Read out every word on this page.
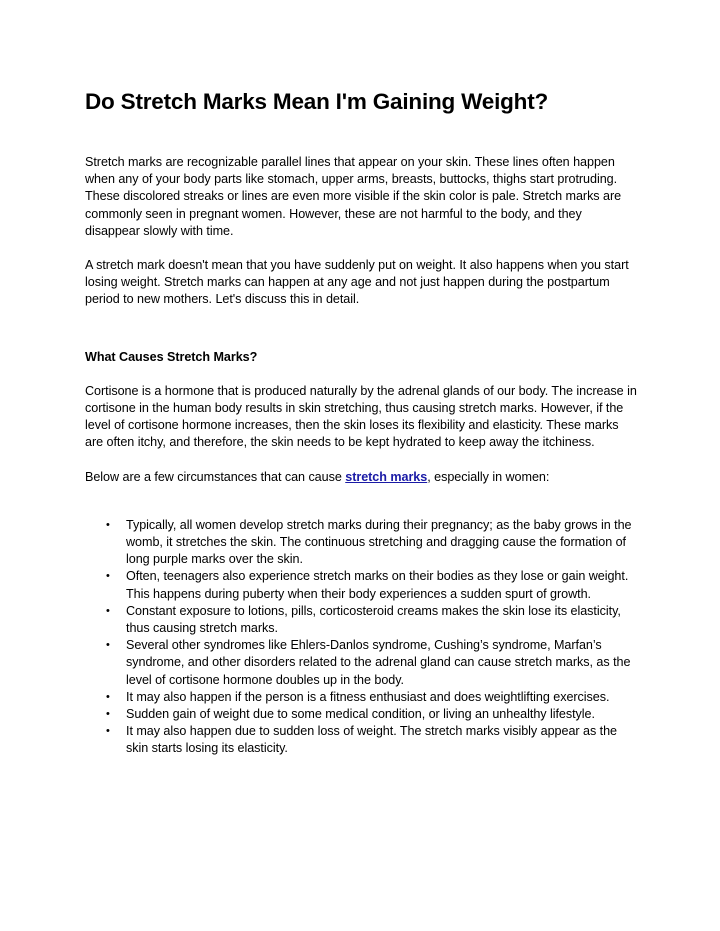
Do Stretch Marks Mean I'm Gaining Weight?

Stretch marks are recognizable parallel lines that appear on your skin. These lines often happen when any of your body parts like stomach, upper arms, breasts, buttocks, thighs start protruding. These discolored streaks or lines are even more visible if the skin color is pale. Stretch marks are commonly seen in pregnant women. However, these are not harmful to the body, and they disappear slowly with time.

A stretch mark doesn't mean that you have suddenly put on weight. It also happens when you start losing weight. Stretch marks can happen at any age and not just happen during the postpartum period to new mothers. Let's discuss this in detail.

What Causes Stretch Marks?

Cortisone is a hormone that is produced naturally by the adrenal glands of our body. The increase in cortisone in the human body results in skin stretching, thus causing stretch marks. However, if the level of cortisone hormone increases, then the skin loses its flexibility and elasticity. These marks are often itchy, and therefore, the skin needs to be kept hydrated to keep away the itchiness.

Below are a few circumstances that can cause stretch marks, especially in women:

• Typically, all women develop stretch marks during their pregnancy; as the baby grows in the womb, it stretches the skin. The continuous stretching and dragging cause the formation of long purple marks over the skin.
• Often, teenagers also experience stretch marks on their bodies as they lose or gain weight. This happens during puberty when their body experiences a sudden spurt of growth.
• Constant exposure to lotions, pills, corticosteroid creams makes the skin lose its elasticity, thus causing stretch marks.
• Several other syndromes like Ehlers-Danlos syndrome, Cushing’s syndrome, Marfan’s syndrome, and other disorders related to the adrenal gland can cause stretch marks, as the level of cortisone hormone doubles up in the body.
• It may also happen if the person is a fitness enthusiast and does weightlifting exercises.
• Sudden gain of weight due to some medical condition, or living an unhealthy lifestyle.
• It may also happen due to sudden loss of weight. The stretch marks visibly appear as the skin starts losing its elasticity.
